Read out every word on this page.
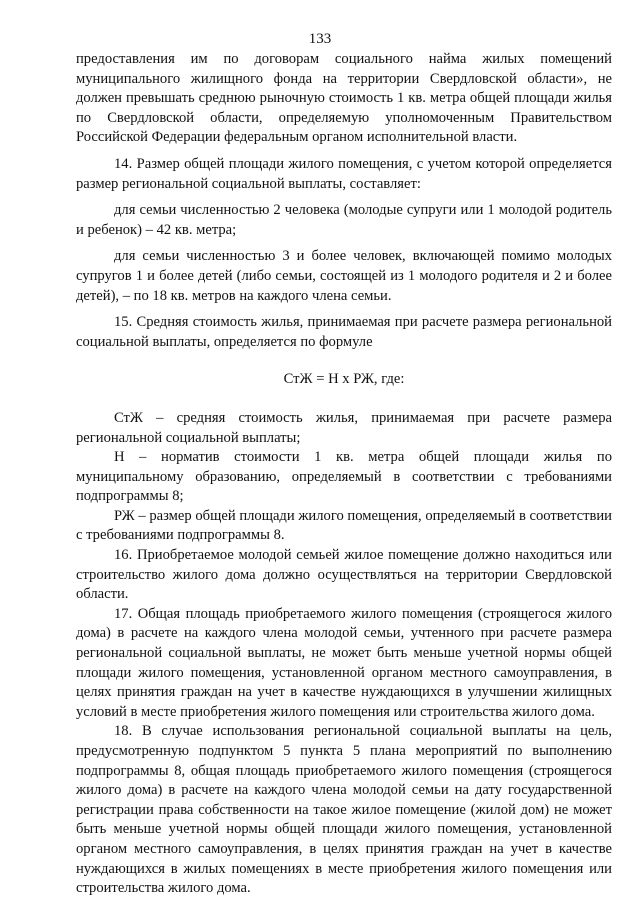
133

предоставления им по договорам социального найма жилых помещений муниципального жилищного фонда на территории Свердловской области», не должен превышать среднюю рыночную стоимость 1 кв. метра общей площади жилья по Свердловской области, определяемую уполномоченным Правительством Российской Федерации федеральным органом исполнительной власти.

14. Размер общей площади жилого помещения, с учетом которой определяется размер региональной социальной выплаты, составляет:

для семьи численностью 2 человека (молодые супруги или 1 молодой родитель и ребенок) – 42 кв. метра;

для семьи численностью 3 и более человек, включающей помимо молодых супругов 1 и более детей (либо семьи, состоящей из 1 молодого родителя и 2 и более детей), – по 18 кв. метров на каждого члена семьи.

15. Средняя стоимость жилья, принимаемая при расчете размера региональной социальной выплаты, определяется по формуле

СтЖ = Н х РЖ, где:

СтЖ – средняя стоимость жилья, принимаемая при расчете размера региональной социальной выплаты;

Н – норматив стоимости 1 кв. метра общей площади жилья по муниципальному образованию, определяемый в соответствии с требованиями подпрограммы 8;

РЖ – размер общей площади жилого помещения, определяемый в соответствии с требованиями подпрограммы 8.

16. Приобретаемое молодой семьей жилое помещение должно находиться или строительство жилого дома должно осуществляться на территории Свердловской области.

17. Общая площадь приобретаемого жилого помещения (строящегося жилого дома) в расчете на каждого члена молодой семьи, учтенного при расчете размера региональной социальной выплаты, не может быть меньше учетной нормы общей площади жилого помещения, установленной органом местного самоуправления, в целях принятия граждан на учет в качестве нуждающихся в улучшении жилищных условий в месте приобретения жилого помещения или строительства жилого дома.

18. В случае использования региональной социальной выплаты на цель, предусмотренную подпунктом 5 пункта 5 плана мероприятий по выполнению подпрограммы 8, общая площадь приобретаемого жилого помещения (строящегося жилого дома) в расчете на каждого члена молодой семьи на дату государственной регистрации права собственности на такое жилое помещение (жилой дом) не может быть меньше учетной нормы общей площади жилого помещения, установленной органом местного самоуправления, в целях принятия граждан на учет в качестве нуждающихся в жилых помещениях в месте приобретения жилого помещения или строительства жилого дома.
